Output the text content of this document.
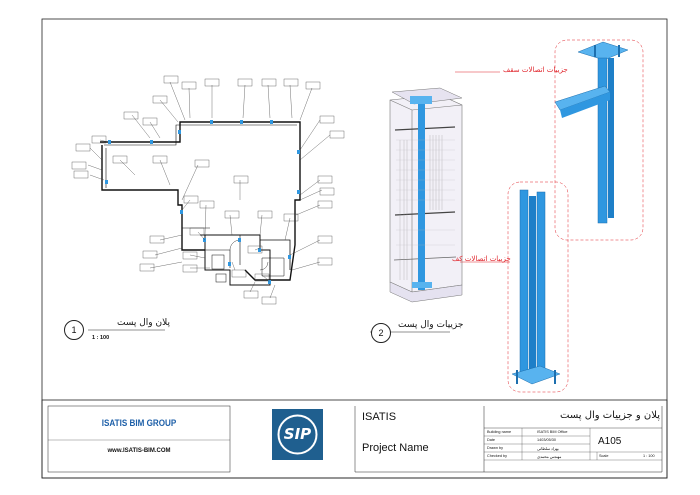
1
پلان وال پست
1 : 100	2
جزییات وال پست
جزییات اتصالات سقف
جزییات اتصالات کف
ISATIS BIM GROUP
www.ISATIS-BIM.COM
SIP
ISATIS
Project Name
پلان و جزییات وال پست
A105
Building name	ISATIS BIM Office
Date	1403/05/30
Drawn by	بهزاد سلطانی
Checked by	مهندس محمدی	Scale	1 : 100
